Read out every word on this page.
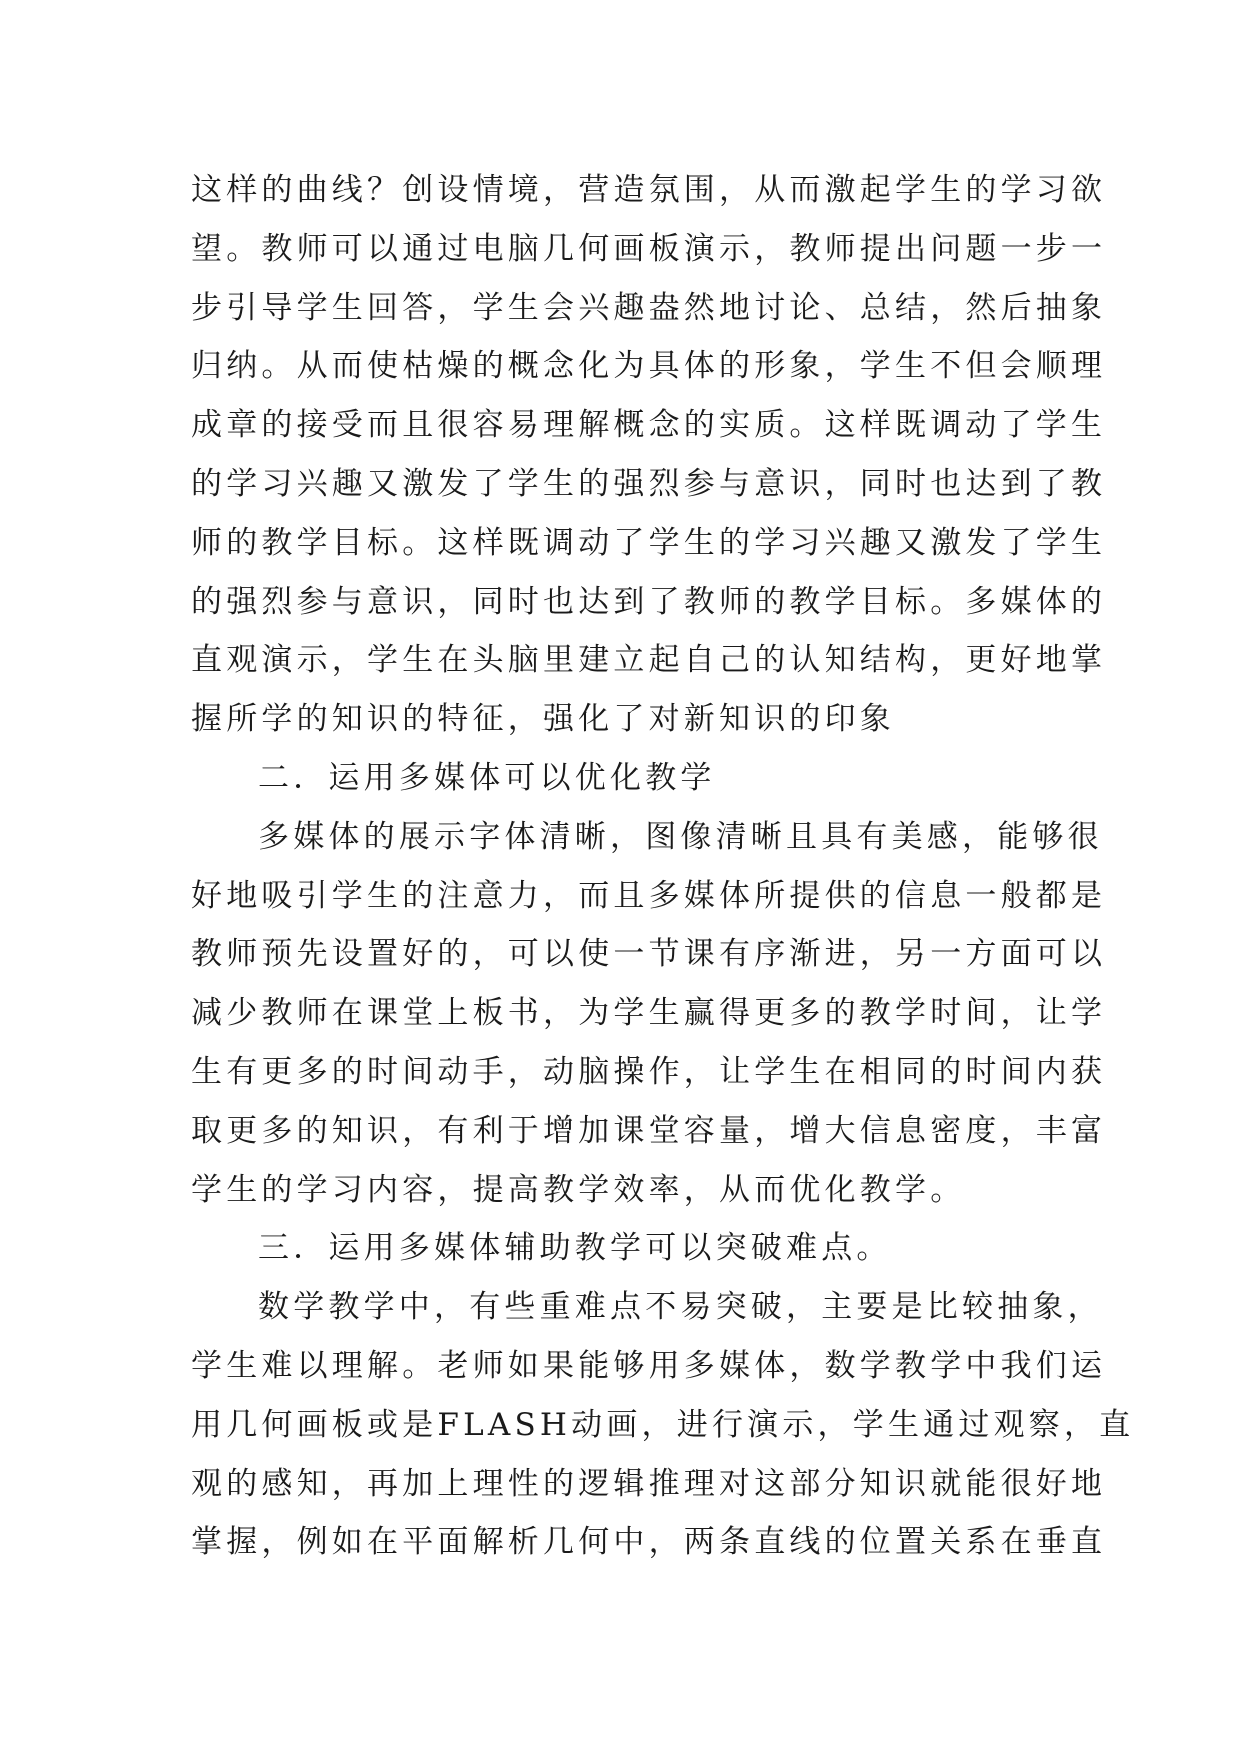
这样的曲线？创设情境，营造氛围，从而激起学生的学习欲
望。教师可以通过电脑几何画板演示，教师提出问题一步一
步引导学生回答，学生会兴趣盎然地讨论、总结，然后抽象
归纳。从而使枯燥的概念化为具体的形象，学生不但会顺理
成章的接受而且很容易理解概念的实质。这样既调动了学生
的学习兴趣又激发了学生的强烈参与意识，同时也达到了教
师的教学目标。这样既调动了学生的学习兴趣又激发了学生
的强烈参与意识，同时也达到了教师的教学目标。多媒体的
直观演示，学生在头脑里建立起自己的认知结构，更好地掌
握所学的知识的特征，强化了对新知识的印象
二．运用多媒体可以优化教学
多媒体的展示字体清晰，图像清晰且具有美感，能够很
好地吸引学生的注意力，而且多媒体所提供的信息一般都是
教师预先设置好的，可以使一节课有序渐进，另一方面可以
减少教师在课堂上板书，为学生赢得更多的教学时间，让学
生有更多的时间动手，动脑操作，让学生在相同的时间内获
取更多的知识，有利于增加课堂容量，增大信息密度，丰富
学生的学习内容，提高教学效率，从而优化教学。
三．运用多媒体辅助教学可以突破难点。
数学教学中，有些重难点不易突破，主要是比较抽象，
学生难以理解。老师如果能够用多媒体，数学教学中我们运
用几何画板或是FLASH动画，进行演示，学生通过观察，直
观的感知，再加上理性的逻辑推理对这部分知识就能很好地
掌握，例如在平面解析几何中，两条直线的位置关系在垂直
